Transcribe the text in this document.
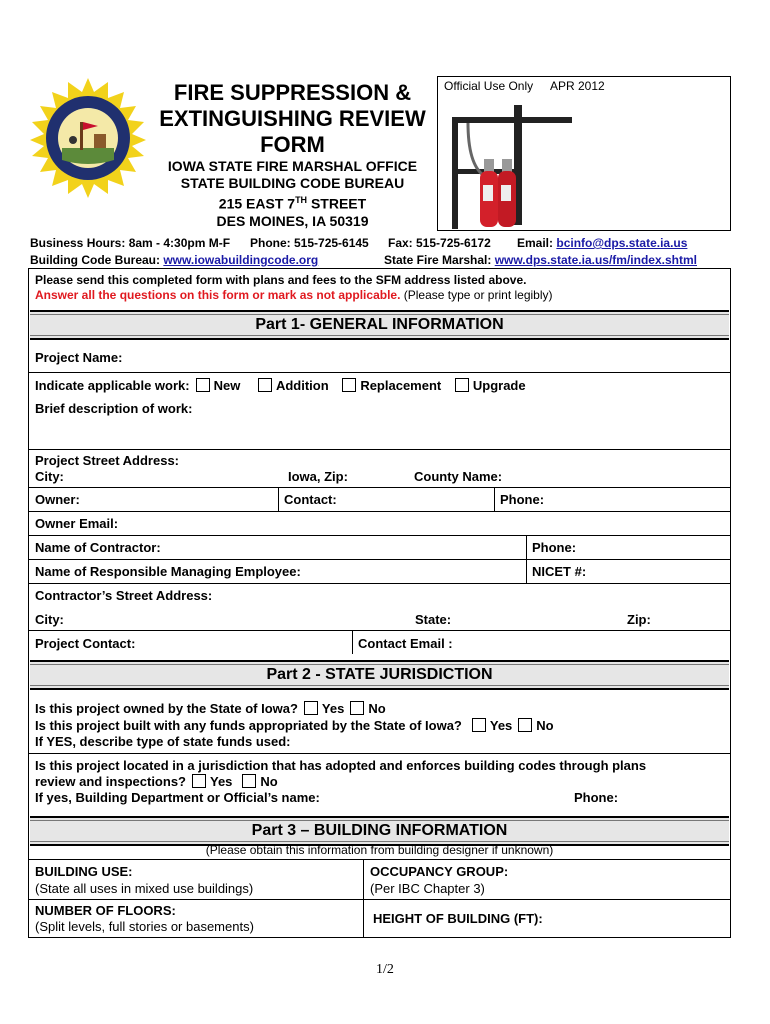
FIRE SUPPRESSION &
EXTINGUISHING REVIEW
FORM
IOWA STATE FIRE MARSHAL OFFICE
STATE BUILDING CODE BUREAU
215 EAST 7TH STREET
DES MOINES, IA 50319
Official Use Only APR 2012
Business Hours: 8am - 4:30pm M-F Phone: 515-725-6145 Fax: 515-725-6172 Email: bcinfo@dps.state.ia.us
Building Code Bureau: www.iowabuildingcode.org	State Fire Marshal: www.dps.state.ia.us/fm/index.shtml
Please send this completed form with plans and fees to the SFM address listed above.
Answer all the questions on this form or mark as not applicable. (Please type or print legibly)
Part 1- GENERAL INFORMATION
Project Name:
Indicate applicable work: New	Addition Replacement Upgrade
Brief description of work:
Project Street Address:
City:	Iowa, Zip:	County Name:
Owner:	Contact:	Phone:
Owner Email:
Name of Contractor:	Phone:
Name of Responsible Managing Employee:	NICET #:
Contractor’s Street Address:
City:	State:	Zip:
Project Contact:	Contact Email :
Part 2 - STATE JURISDICTION
Is this project owned by the State of Iowa? Yes No
Is this project built with any funds appropriated by the State of Iowa? Yes No
If YES, describe type of state funds used:
Is this project located in a jurisdiction that has adopted and enforces building codes through plans
review and inspections? Yes No
If yes, Building Department or Official’s name:	Phone:
Part 3 – BUILDING INFORMATION
(Please obtain this information from building designer if unknown)
BUILDING USE:
(State all uses in mixed use buildings)
OCCUPANCY GROUP:
(Per IBC Chapter 3)
NUMBER OF FLOORS:
(Split levels, full stories or basements)
HEIGHT OF BUILDING (FT):
1/2
